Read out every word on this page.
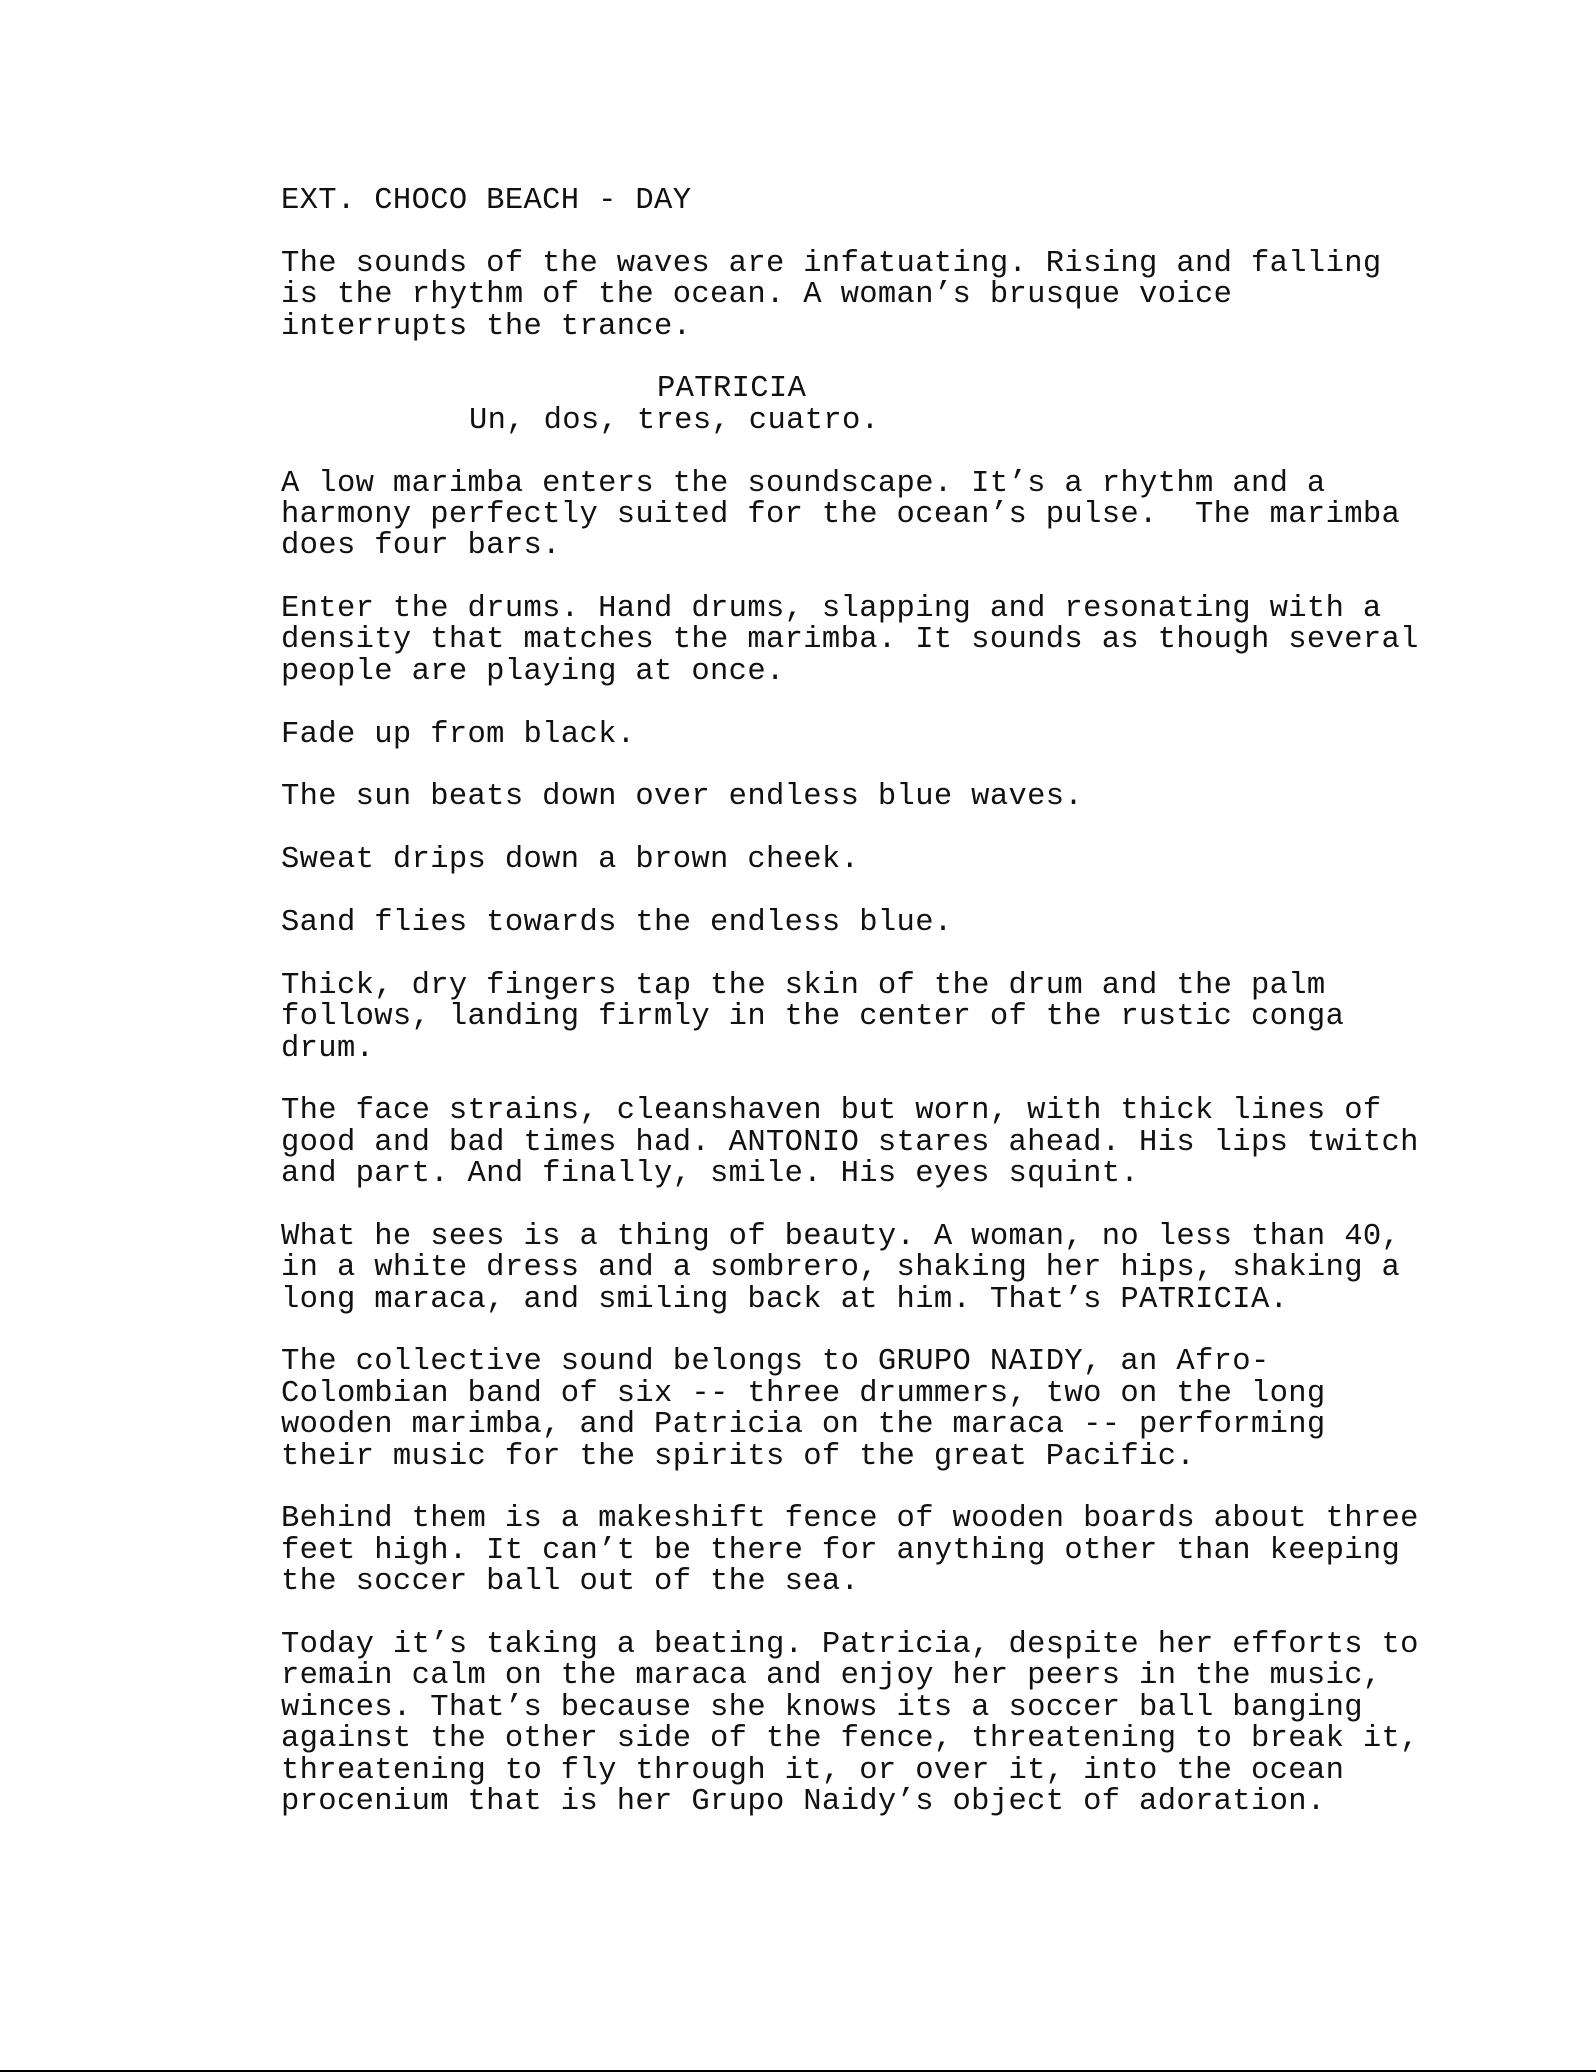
EXT. CHOCO BEACH - DAY
The sounds of the waves are infatuating. Rising and falling
is the rhythm of the ocean. A woman’s brusque voice
interrupts the trance.
PATRICIA
Un, dos, tres, cuatro.
A low marimba enters the soundscape. It’s a rhythm and a
harmony perfectly suited for the ocean’s pulse.  The marimba
does four bars.
Enter the drums. Hand drums, slapping and resonating with a
density that matches the marimba. It sounds as though several
people are playing at once.
Fade up from black.
The sun beats down over endless blue waves.
Sweat drips down a brown cheek.
Sand flies towards the endless blue.
Thick, dry fingers tap the skin of the drum and the palm
follows, landing firmly in the center of the rustic conga
drum.
The face strains, cleanshaven but worn, with thick lines of
good and bad times had. ANTONIO stares ahead. His lips twitch
and part. And finally, smile. His eyes squint.
What he sees is a thing of beauty. A woman, no less than 40,
in a white dress and a sombrero, shaking her hips, shaking a
long maraca, and smiling back at him. That’s PATRICIA.
The collective sound belongs to GRUPO NAIDY, an Afro-
Colombian band of six -- three drummers, two on the long
wooden marimba, and Patricia on the maraca -- performing
their music for the spirits of the great Pacific.
Behind them is a makeshift fence of wooden boards about three
feet high. It can’t be there for anything other than keeping
the soccer ball out of the sea.
Today it’s taking a beating. Patricia, despite her efforts to
remain calm on the maraca and enjoy her peers in the music,
winces. That’s because she knows its a soccer ball banging
against the other side of the fence, threatening to break it,
threatening to fly through it, or over it, into the ocean
procenium that is her Grupo Naidy’s object of adoration.
